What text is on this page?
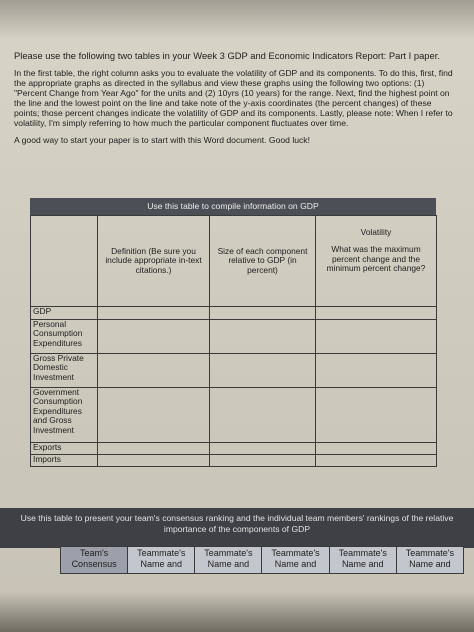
Please use the following two tables in your Week 3 GDP and Economic Indicators Report: Part I paper.

In the first table, the right column asks you to evaluate the volatility of GDP and its components. To do this, first, find the appropriate graphs as directed in the syllabus and view these graphs using the following two options: (1) "Percent Change from Year Ago" for the units and (2) 10yrs (10 years) for the range. Next, find the highest point on the line and the lowest point on the line and take note of the y-axis coordinates (the percent changes) of these points; those percent changes indicate the volatility of GDP and its components. Lastly, please note: When I refer to volatility, I'm simply referring to how much the particular component fluctuates over time.

A good way to start your paper is to start with this Word document. Good luck!

Use this table to compile information on GDP
	Definition (Be sure you include appropriate in-text citations.)	Size of each component relative to GDP (in percent)	Volatility
What was the maximum percent change and the minimum percent change?
GDP			
Personal Consumption Expenditures			
Gross Private Domestic Investment			
Government Consumption Expenditures and Gross Investment			
Exports			
Imports			
Use this table to present your team's consensus ranking and the individual team members' rankings of the relative importance of the components of GDP
Team's Consensus	Teammate's Name and	Teammate's Name and	Teammate's Name and	Teammate's Name and	Teammate's Name and
